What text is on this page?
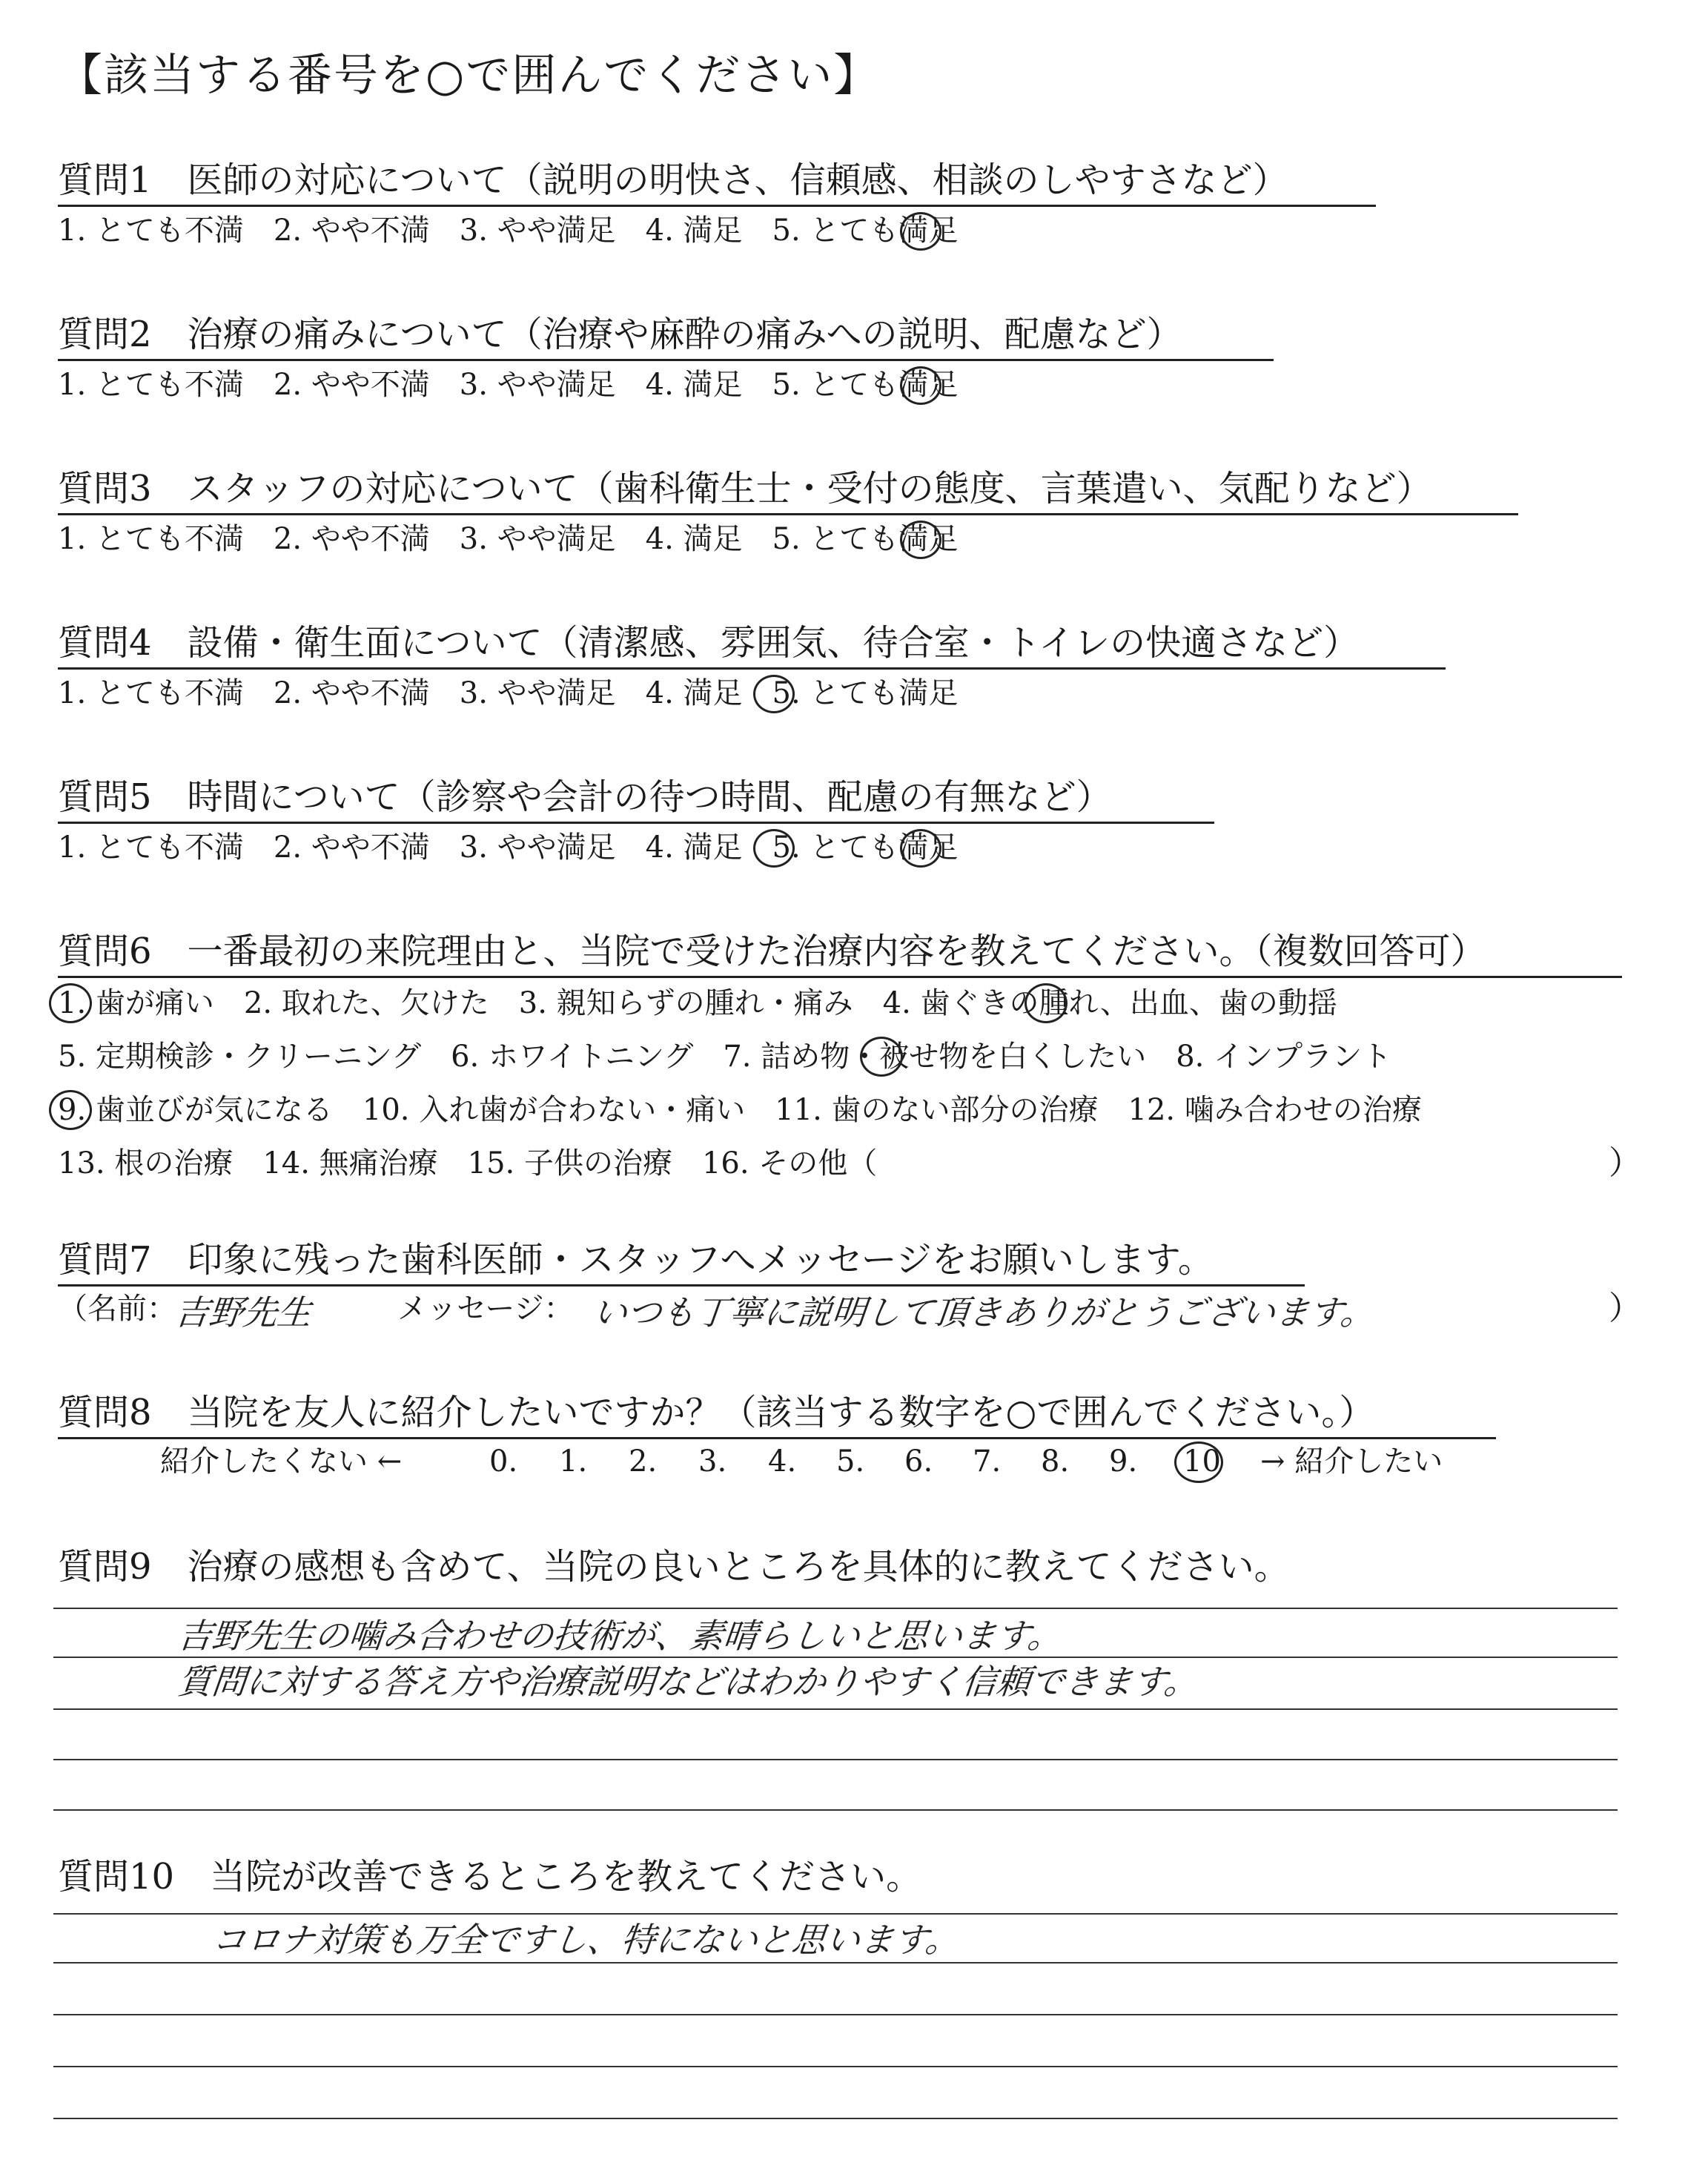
【該当する番号を○で囲んでください】
質問1　医師の対応について（説明の明快さ、信頼感、相談のしやすさなど）
1. とても不満　2. やや不満　3. やや満足　4. 満足　5. とても満足
質問2　治療の痛みについて（治療や麻酔の痛みへの説明、配慮など）
1. とても不満　2. やや不満　3. やや満足　4. 満足　5. とても満足
質問3　スタッフの対応について（歯科衛生士・受付の態度、言葉遣い、気配りなど）
1. とても不満　2. やや不満　3. やや満足　4. 満足　5. とても満足
質問4　設備・衛生面について（清潔感、雰囲気、待合室・トイレの快適さなど）
1. とても不満　2. やや不満　3. やや満足　4. 満足　5. とても満足
質問5　時間について（診察や会計の待つ時間、配慮の有無など）
1. とても不満　2. やや不満　3. やや満足　4. 満足　5. とても満足
質問6　一番最初の来院理由と、当院で受けた治療内容を教えてください。（複数回答可）
1. 歯が痛い　2. 取れた、欠けた　3. 親知らずの腫れ・痛み　4. 歯ぐきの腫れ、出血、歯の動揺
5. 定期検診・クリーニング　6. ホワイトニング　7. 詰め物・被せ物を白くしたい　8. インプラント
9. 歯並びが気になる　10. 入れ歯が合わない・痛い　11. 歯のない部分の治療　12. 噛み合わせの治療
13. 根の治療　14. 無痛治療　15. 子供の治療　16. その他（	）
質問7　印象に残った歯科医師・スタッフへメッセージをお願いします。
（名前：
吉野先生	メッセージ： いつも丁寧に説明して頂きありがとうございます。	）
質問8　当院を友人に紹介したいですか？（該当する数字を○で囲んでください。）
紹介したくない ←	0. 1. 2. 3. 4. 5. 6. 7. 8. 9. 10 → 紹介したい
質問9　治療の感想も含めて、当院の良いところを具体的に教えてください。
吉野先生の噛み合わせの技術が、素晴らしいと思います。
質問に対する答え方や治療説明などはわかりやすく信頼できます。
質問10　当院が改善できるところを教えてください。
コロナ対策も万全ですし、特にないと思います。
